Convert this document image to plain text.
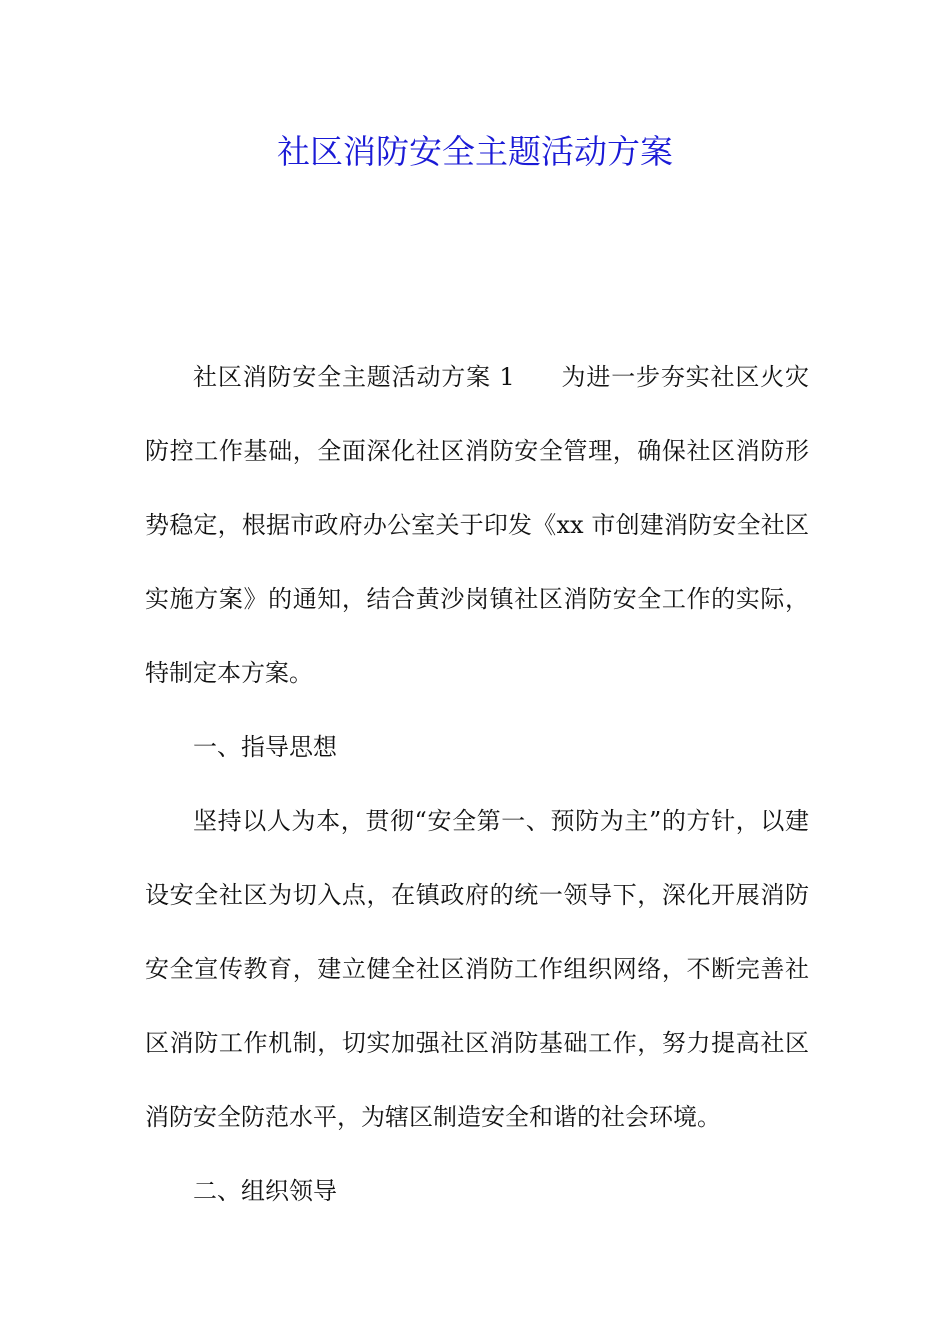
社区消防安全主题活动方案

社区消防安全主题活动方案 1 为进一步夯实社区火灾防控工作基础，全面深化社区消防安全管理，确保社区消防形势稳定，根据市政府办公室关于印发《xx 市创建消防安全社区实施方案》的通知，结合黄沙岗镇社区消防安全工作的实际，特制定本方案。

一、指导思想

坚持以人为本，贯彻“安全第一、预防为主”的方针，以建设安全社区为切入点，在镇政府的统一领导下，深化开展消防安全宣传教育，建立健全社区消防工作组织网络，不断完善社区消防工作机制，切实加强社区消防基础工作，努力提高社区消防安全防范水平，为辖区制造安全和谐的社会环境。

二、组织领导
